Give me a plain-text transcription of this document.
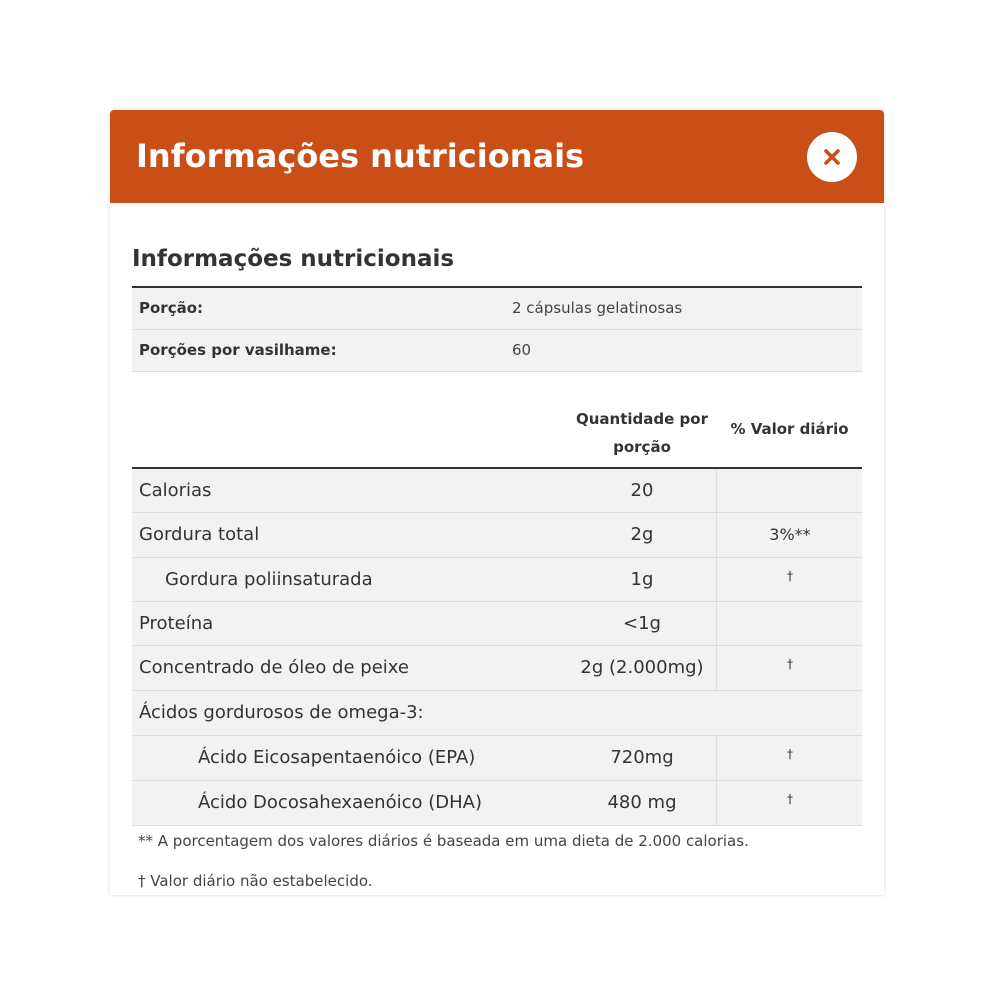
Informações nutricionais
Informações nutricionais
Porção:	2 cápsulas gelatinosas
Porções por vasilhame:	60
Quantidade por
porção
% Valor diário
Calorias	20
Gordura total	2g	3%**
Gordura poliinsaturada	1g	†
Proteína	<1g
Concentrado de óleo de peixe	2g (2.000mg)	†
Ácidos gordurosos de omega-3:
Ácido Eicosapentaenóico (EPA)	720mg	†
Ácido Docosahexaenóico (DHA)	480 mg	†

** A porcentagem dos valores diários é baseada em uma dieta de 2.000 calorias.

† Valor diário não estabelecido.
